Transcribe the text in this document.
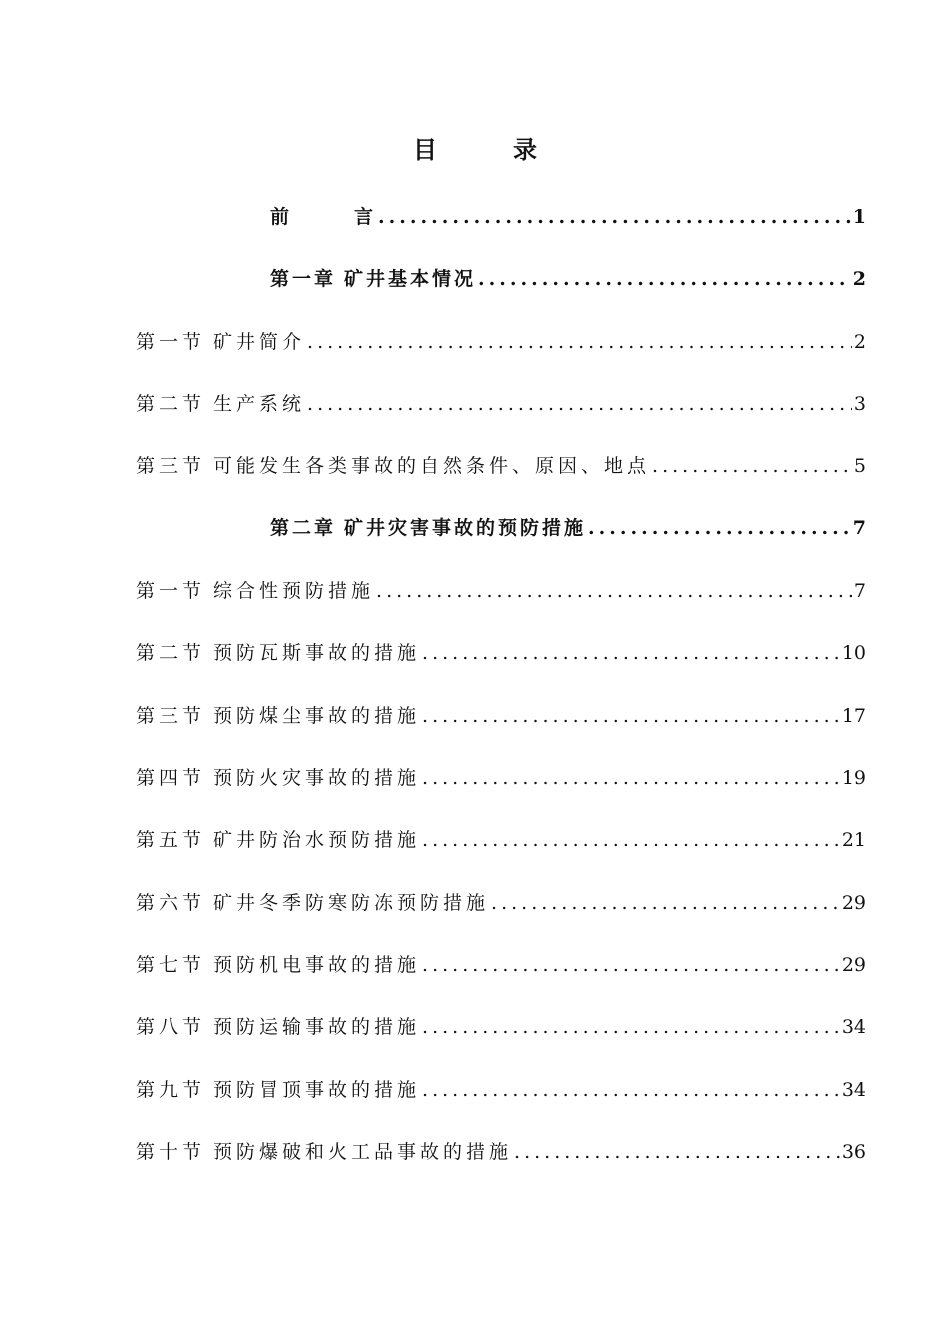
目录
前	言 .....	1
第一章 矿井基本情况 .....	2
第一节 矿井简介 .....	2
第二节 生产系统 .....	3
第三节 可能发生各类事故的自然条件、原因、地点 .....	5
第二章 矿井灾害事故的预防措施 .....	7
第一节 综合性预防措施 .....	7
第二节 预防瓦斯事故的措施 .....	10
第三节 预防煤尘事故的措施 .....	17
第四节 预防火灾事故的措施 .....	19
第五节 矿井防治水预防措施 .....	21
第六节 矿井冬季防寒防冻预防措施 .....	29
第七节 预防机电事故的措施 .....	29
第八节 预防运输事故的措施 .....	34
第九节 预防冒顶事故的措施 .....	34
第十节 预防爆破和火工品事故的措施 .....	36
